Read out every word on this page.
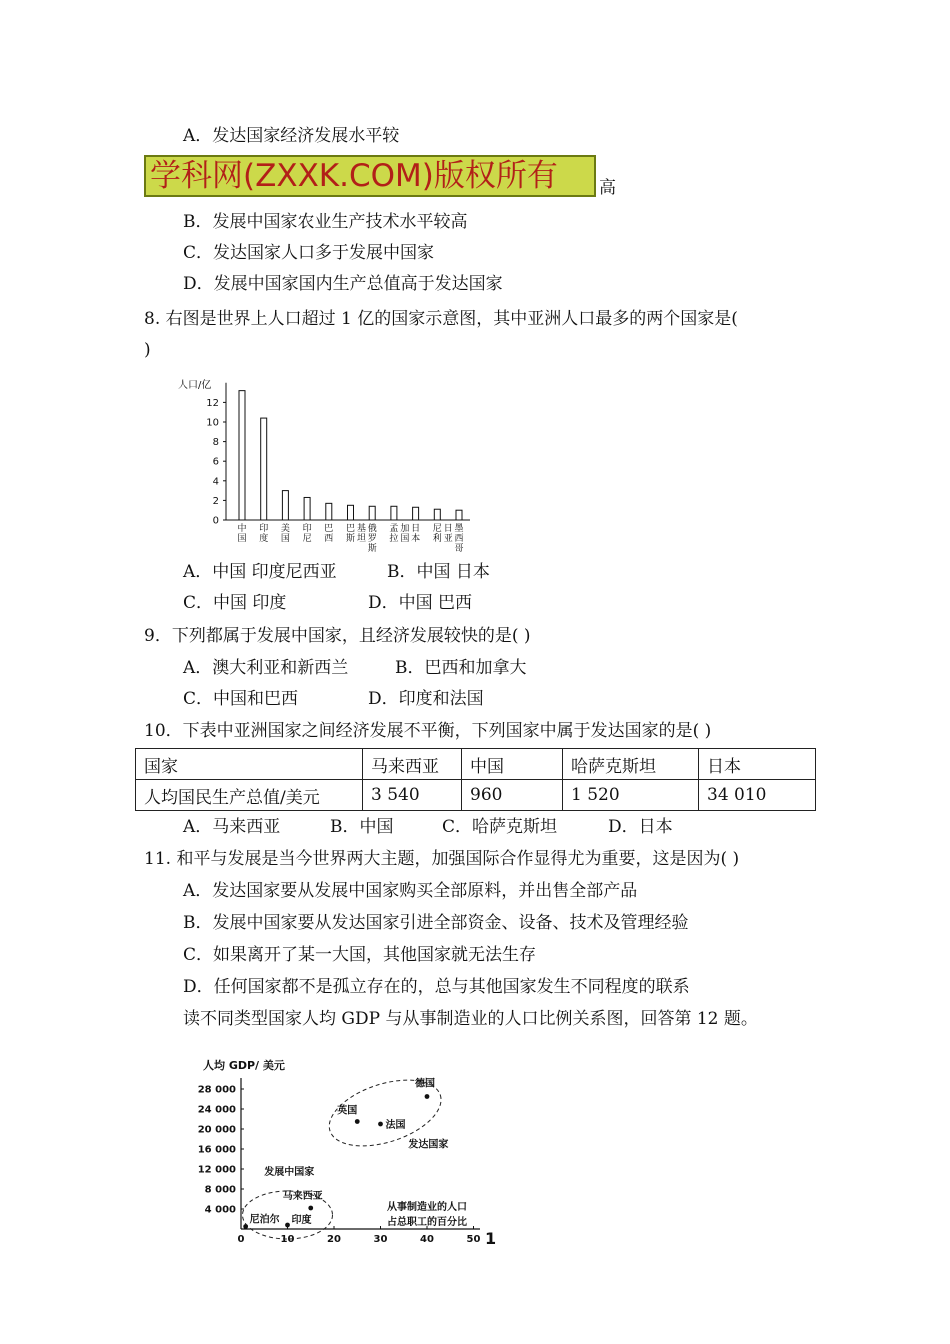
A．发达国家经济发展水平较
学科网(ZXXK.COM)版权所有	高
B．发展中国家农业生产技术水平较高
C．发达国家人口多于发展中国家
D．发展中国家国内生产总值高于发达国家
8. 右图是世界上人口超过 1 亿的国家示意图，其中亚洲人口最多的两个国家是(
)
人口/亿
0
2
4
6
8
10
12
中
国
印
度
美
国
印
尼
巴
西
巴
斯
俄
罗
斯
孟
拉
日
本
尼
利
墨
西
哥
基
坦
加
国
日
亚
A．中国 印度尼西亚	B．中国 日本
C．中国 印度	D．中国 巴西
9．下列都属于发展中国家，且经济发展较快的是( )
A．澳大利亚和新西兰	B．巴西和加拿大
C．中国和巴西	D．印度和法国
10．下表中亚洲国家之间经济发展不平衡，下列国家中属于发达国家的是( )
国家	马来西亚	中国	哈萨克斯坦	日本
人均国民生产总值/美元	3 540	960	1 520	34 010
A．马来西亚	B．中国	C．哈萨克斯坦	D．日本
11. 和平与发展是当今世界两大主题，加强国际合作显得尤为重要，这是因为( )
A．发达国家要从发展中国家购买全部原料，并出售全部产品
B．发展中国家要从发达国家引进全部资金、设备、技术及管理经验
C．如果离开了某一大国，其他国家就无法生存
D．任何国家都不是孤立存在的，总与其他国家发生不同程度的联系
读不同类型国家人均 GDP 与从事制造业的人口比例关系图，回答第 12 题。
人均 GDP/ 美元
从事制造业的人口
占总职工的百分比
1
4 000
8 000
12 000
16 000
20 000
24 000
28 000
0	10	20	30	40	50
发达国家
发展中国家
德国
英国
法国
马来西亚
尼泊尔 印度
